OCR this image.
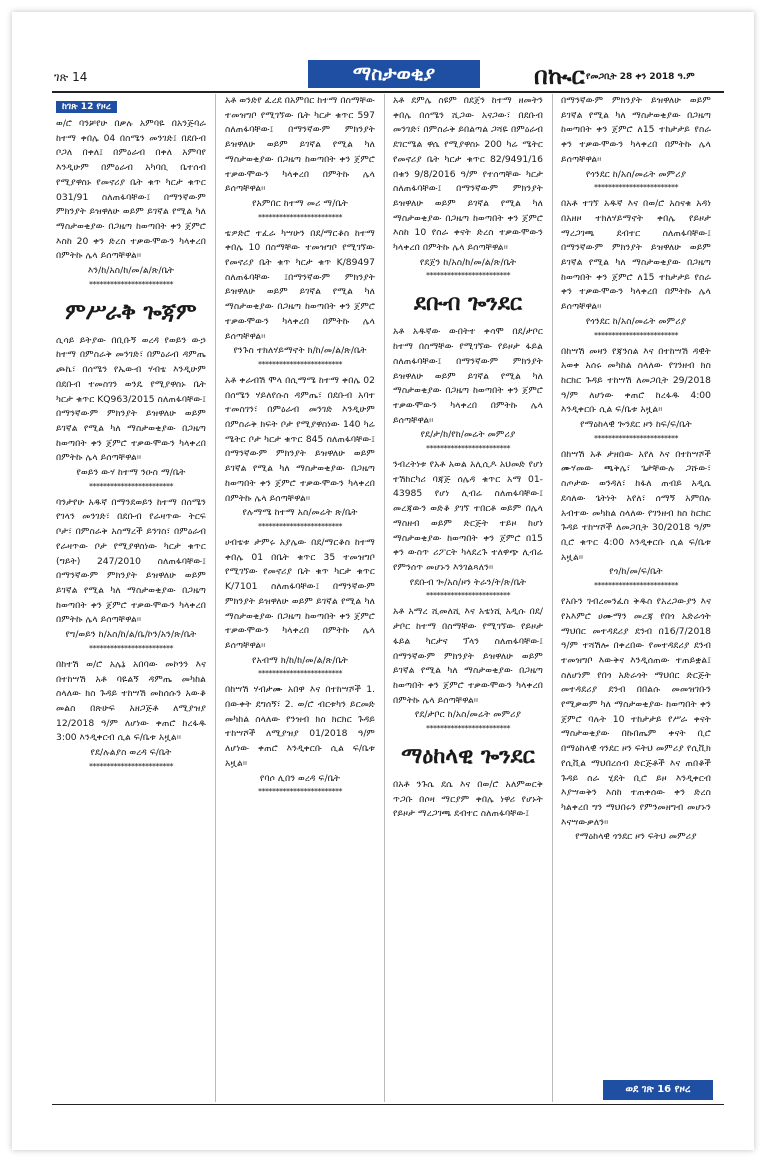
ገጽ 14	ማስታወቂያ	በኲር የመጋቢት 28 ቀን 2018 ዓ.ም
ከገጽ 12 የዞረ

ወ/ሮ ባንቻየሁ በቃሉ አምባዬ በአንጅባራ ከተማ ቀበሌ 04 በስሜን መንገድ፤ በደቡብ ቦጋለ በቀለ፤ በምዕራብ በቀለ አምባየ እንዲሁም በምዕራብ አካባቢ ቤተሰብ የሚያዋስኑ የመኖሪያ ቤት ቁጥ ካርታ ቁጥር 031/91 ስለጠፋባቸው፤ በማንኛውም ምክንያት ይዝዋለሁ ወይም ይገኛል የሚል ካለ ማስታወቂያው በጋዜጣ ከወጣበት ቀን ጀምሮ እስከ 20 ቀን ድረስ ተቃውሞውን ካላቀረበ በምትኩ ሌላ ይሰጣቸዋል፡፡

እን/ከ/አስ/ከ/መ/ል/ጽ/ቤት

************************

ምሥራቅ ጐጃም

ሲሳይ ይትያው በቢቡኝ ወረዳ የወይን ውኃ ከተማ በምስራቅ መንገድ፣ በምዕራብ ዳምጤ ጮኬ፣ በሰሜን የኤውብ ሃብቴ እንዲሁም በደቡብ ተመስገን ወንዴ የሚያዋስኑ ቤት ካርታ ቁጥር KQ963/2015 ስለጠፋባቸው፤ በማንኛውም ምክንያት ይዝዋለሁ ወይም ይገኛል የሚል ካለ ማስታወቂያው በጋዜጣ ከወጣበት ቀን ጀምሮ ተቃውሞውን ካላቀረበ በምትኩ ሌላ ይሰጣቸዋል፡፡

የወይን ውሃ ከተማ ንዑስ ማ/ቤት

************************

ባንታየሁ አዱኛ በማንደወይን ከተማ በሰሜን የገላን መንገድ፣ በደቡብ የራዛጥው ትርፍ ቦታ፣ በምስራቅ አስማረች ይንገስ፣ በምዕራብ የራዛጥው ቦታ የሚያዋስነው ካርታ ቁጥር (ግይት) 247/2010 ስለጠፋባቸው፤ በማንኛውም ምክንያት ይዝዋለሁ ወይም ይገኛል የሚል ካለ ማስታወቂያው በጋዜጣ ከወጣበት ቀን ጀምሮ ተቃውሞውን ካላቀረበ በምትኩ ሌላ ይሰጣቸዋል፡፡

የግ/ወይን ከ/አስ/ከ/ል/ቤ/ኮን/አን/ጽ/ቤት

************************

በከተሽ ወ/ሮ አሌኔ አበባው መኮንን እና በተከሣሽ አቶ ባዬልኝ ዳምጤ መካከል ስላለው ክስ ጉዳይ ተከሣሽ መከሰሱን አውቆ መልስ በጽሁፍ አዘጋጅቶ ለሚያዝያ 12/2018 ዓ/ም ለሆነው ቀጠሮ ከረፋዱ 3:00 እንዲቀርብ ሲል ፍ/ቤቱ አዟል፡፡

የደ/ሉልያስ ወረዳ ፍ/ቤት

************************

አቶ ወንድየ ፈረደ በአምበር ከተማ በስማቸው ተመዝግቦ የሚገኘው ቤት ካርታ ቁጥር 597 ስለጠፋባቸው፤ በማንኛውም ምክንያት ይዝዋለሁ ወይም ይገኛል የሚል ካለ ማስታወቂያው በጋዜጣ ከወጣበት ቀን ጀምሮ ተቃውሞውን ካላቀረበ በምትኩ ሌላ ይሰጣቸዋል፡፡

የአምበር ከተማ መሪ ማ/ቤት

************************

ቴዎድሮ ተፈራ ካሣሁን በደ/ማርቆስ ከተማ ቀበሌ 10 በስማቸው ተመዝግቦ የሚገኘው የመኖሪያ ቤት ቁጥ ካርታ ቁጥ K/89497 ስለጠፋባቸው ፤በማንኛውም ምክንያት ይዝዋለሁ ወይም ይገኛል የሚል ካለ ማስታወቂያው በጋዜጣ ከወጣበት ቀን ጀምሮ ተቃውሞውን ካላቀረበ በምትኩ ሌላ ይሰጣቸዋል፡፡

የንጉስ ተክለሃይማኖት ክ/ከ/መ/ል/ጽ/ቤት

************************

አቶ ቀራብሽ ሞላ በሲማሜ ከተማ ቀበሌ 02 በሰሜን ሃይለየሱስ ዳምጤ፣ በደቡብ አባተ ተመስገን፣ በምዕራብ መንገድ እንዲሁም በምስራቅ ክፍት ቦታ የሚያዋስነው 140 ካሬ ሜትር ቦታ ካርታ ቁጥር 845 ስለጠፋባቸው፤ በማንኛውም ምክንያት ይዝዋለሁ ወይም ይገኛል የሚል ካለ ማስታወቂያው በጋዜጣ ከወጣበት ቀን ጀምሮ ተቃውሞውን ካላቀረበ በምትኩ ሌላ ይሰጣቸዋል፡፡

የሉማሜ ከተማ አስ/መሬት ጽ/ቤት

************************

ሀብቴቱ ታምሩ አያሌው በደ/ማርቆስ ከተማ ቀበሌ 01 በቤት ቁጥር 35 ተመዝግቦ የሚገኘው የመኖሪያ ቤት ቁጥ ካርታ ቁጥር K/7101 ስለጠፋባቸው፤ በማንኛውም ምክንያት ይዝዋለሁ ወይም ይገኛል የሚል ካለ ማስታወቂያው በጋዜጣ ከወጣበት ቀን ጀምሮ ተቃውሞውን ካላቀረበ በምትኩ ሌላ ይሰጣቸዋል፡፡

የአብማ ክ/ከ/ከ/መ/ል/ጽ/ቤት

************************

በከሣሽ ሃብታሙ አበዋ እና በተከሣሾች 1. በውቀት ደግሰኝ፣ 2. ወ/ሮ ብርቱካን ይርመድ መካከል ስላለው የንዝብ ክስ ክርክር ጉዳይ ተከሣሾች ለሚያዝያ 01/2018 ዓ/ም ለሆነው ቀጠሮ እንዲቀርቡ ሲል ፍ/ቤቱ አዟል፡፡

የባሶ ሊበን ወረዳ ፍ/ቤት

************************

አቶ ደምሌ ስዩም በደጀን ከተማ ዘመትን ቀበሌ በሰሜን ሺጋው አናጋው፣ በደቡብ መንገድ፣ በምስራቅ ይበልጣል ጋሻዬ በምዕራብ ደገርሜል ዋሴ የሚያዋስኑ 200 ካሬ ሜትር የመኖሪያ ቤት ካርታ ቁጥር 82/9491/16 በቁን 9/8/2016 ዓ/ም የተሰጣቸው ካርታ ስለጠፋባቸው፤ በማንኛውም ምክንያት ይዝዋለሁ ወይም ይገኛል የሚል ካለ ማስታወቂያው በጋዜጣ ከወጣበት ቀን ጀምሮ እስከ 10 የስራ ቀናት ድረስ ተቃውሞውን ካላቀረበ በምትኩ ሌላ ይሰጣቸዋል፡፡

የደጀን ከ/አስ/ከ/መ/ል/ጽ/ቤት

************************

ደቡብ ጐንደር

አቶ አዱኛው ውበትተ ቀሳሞ በደ/ታቦር ከተማ በስማቸው የሚገኘው የይዞታ ፋይል ስለጠፋባቸው፤ በማንኛውም ምክንያት ይዝዋለሁ ወይም ይገኛል የሚል ካለ ማስታወቂያው በጋዜጣ ከወጣበት ቀን ጀምሮ ተቃውሞውን ካላቀረበ በምትኩ ሌላ ይሰጣቸዋል፡፡

የደ/ታ/ከ/የከ/መሬት መምሪያ

************************

ንብረትነቱ የአቶ አወል አሊሲዶ አህመድ የሆነ ተሽከርካሪ ባጃጅ ሰሌዳ ቁጥር አማ 01-43985 የሆነ ሊብሬ ስለጠፋባቸው፤ መረጃውን ወድቆ ያገኘ ተበርቶ ወይም በሌላ ማስዘብ ወይም ድርጅት ተይዞ ከሆነ ማስታወቂያው ከወጣበት ቀን ጀምሮ በ15 ቀን ውስጥ ሪፖርት ካላደረጉ ተለዋጭ ሊብሬ የምንሰጥ መሆኑን እንገልጻለን፡፡

የደቡብ ጐ/አስ/ዞን ትራን/ት/ጽ/ቤት

************************

አቶ አማረ ሺመለሺ እና አቴነሺ አዲሱ በደ/ታቦር ከተማ በስማቸው የሚገኘው የይዞታ ፋይል ካርታና ፕላን ስለጠፋባቸው፤ በማንኛውም ምክንያት ይዝዋለሁ ወይም ይገኛል የሚል ካለ ማስታወቂያው በጋዜጣ ከወጣበት ቀን ጀምሮ ተቃውሞውን ካላቀረበ በምትኩ ሌላ ይሰጣቸዋል፡፡

የደ/ታቦር ከ/አስ/መሬት መምሪያ

************************

ማዕከላዊ ጐንደር

በአቶ ንጉሴ ደሴ እና በወ/ሮ አለምወርቅ ጥጋቡ በሶዛ ማርያም ቀበሌ ነዋሪ የሆኑት የይዞታ ማረጋገጫ ደብተር ስለጠፋባቸው፤

በማንኛውም ምክንያት ይዝዋለሁ ወይም ይገኛል የሚል ካለ ማስታወቂያው በጋዜጣ ከወጣበት ቀን ጀምሮ ለ15 ተከታታይ የስራ ቀን ተቃውሞውን ካላቀረበ በምትኩ ሌላ ይሰጣቸዋል፡፡

የጎንደር ከ/አስ/መሬት መምሪያ

************************

በአቶ ተገኘ አዱኛ እና በወ/ሮ አስናቁ አዳነ በአዘዞ ተክለሃይማኖት ቀበሌ የይዞታ ማረጋገጫ ደብተር ስለጠፋባቸው፤ በማንኛውም ምክንያት ይዝዋለሁ ወይም ይገኛል የሚል ካለ ማስታወቂያው በጋዜጣ ከወጣበት ቀን ጀምሮ ለ15 ተከታታይ የስራ ቀን ተቃውሞውን ካላቀረበ በምትኩ ሌላ ይሰጣቸዋል፡፡

የጎንደር ከ/አስ/መሬት መምሪያ

************************

በከሣሽ መዛን የጃንስል እና በተከሣሽ ዳዊት አወቀ አሰሩ መካከል ስላለው የገንዘብ ክስ ከርክር ጉዳይ ተከሣሽ ለመጋቢት 29/2018 ዓ/ም ለሆነው ቀጠሮ ከረፋዱ 4:00 እንዲቀርቡ ሲል ፍ/ቤቱ አዟል፡፡

የማዕከላዊ ጐንደር ዞን ከፍ/ፍ/ቤት

************************

በከሣሽ አቶ ታዘበው አየለ እና በተከሣሾች ሙሃመው ጫቅሌ፣ ጌታቸውሉ ጋሹው፣ ስጦታው ወንዳለ፣ ከፋለ ጠብይ አዲሴ ደሳለው ጌትነት አየለ፣ ሰማኝ አምበሉ አብተው መካከል ስላለው የገንዘብ ክስ ከርክር ጉዳይ ተከሣሾች ለመጋቢት 30/2018 ዓ/ም ቢሮ ቁጥር 4:00 እንዲቀርቡ ሲል ፍ/ቤቱ አዟል፡፡

የጎ/ከ/መ/ፍ/ቤት

************************

የአቡን ገብረመንፈስ ቅዱስ የአረጋውያን እና የአእምሮ ሀሙማን መረጃ የበጎ አድራጎት ማህበር መተዳደሪያ ደንብ በ16/7/2018 ዓ/ም ተሻሽሎ በቀረበው የመተዳደሪያ ደንብ ተመዝግቦ እውቅና እንዲሰጠው ተጠይቋል፤ ስለሆነም የበጎ አድራጎት ማህበር ድርጅት መተዳደሪያ ደንብ በበልሱ መመዝገቡን የሚቃወም ካለ ማስታወቂያው ከወጣበት ቀን ጀምሮ ባሉት 10 ተከታታይ የሥራ ቀናት ማስታወቂያው በኩበጤም ቀናት ቢሮ በማዕከላዊ ጎንደር ዞን ፍትህ መምሪያ የሲቪክ የሲቪል ማህበረሰብ ድርጅቶች እና ጠበቆች ጉዳይ ስራ ሂደት ቢሮ ይዞ እንዲቀርብ እያሣወቅን እስከ ተጠቀሰው ቀን ድረስ ካልቀረበ ግን ማህበሩን የምንመዘግብ መሆኑን እናሣውቃለን፡፡

የማዕከላዊ ጎንደር ዞን ፍትህ መምሪያ

ወደ ገጽ 16 የዞረ
